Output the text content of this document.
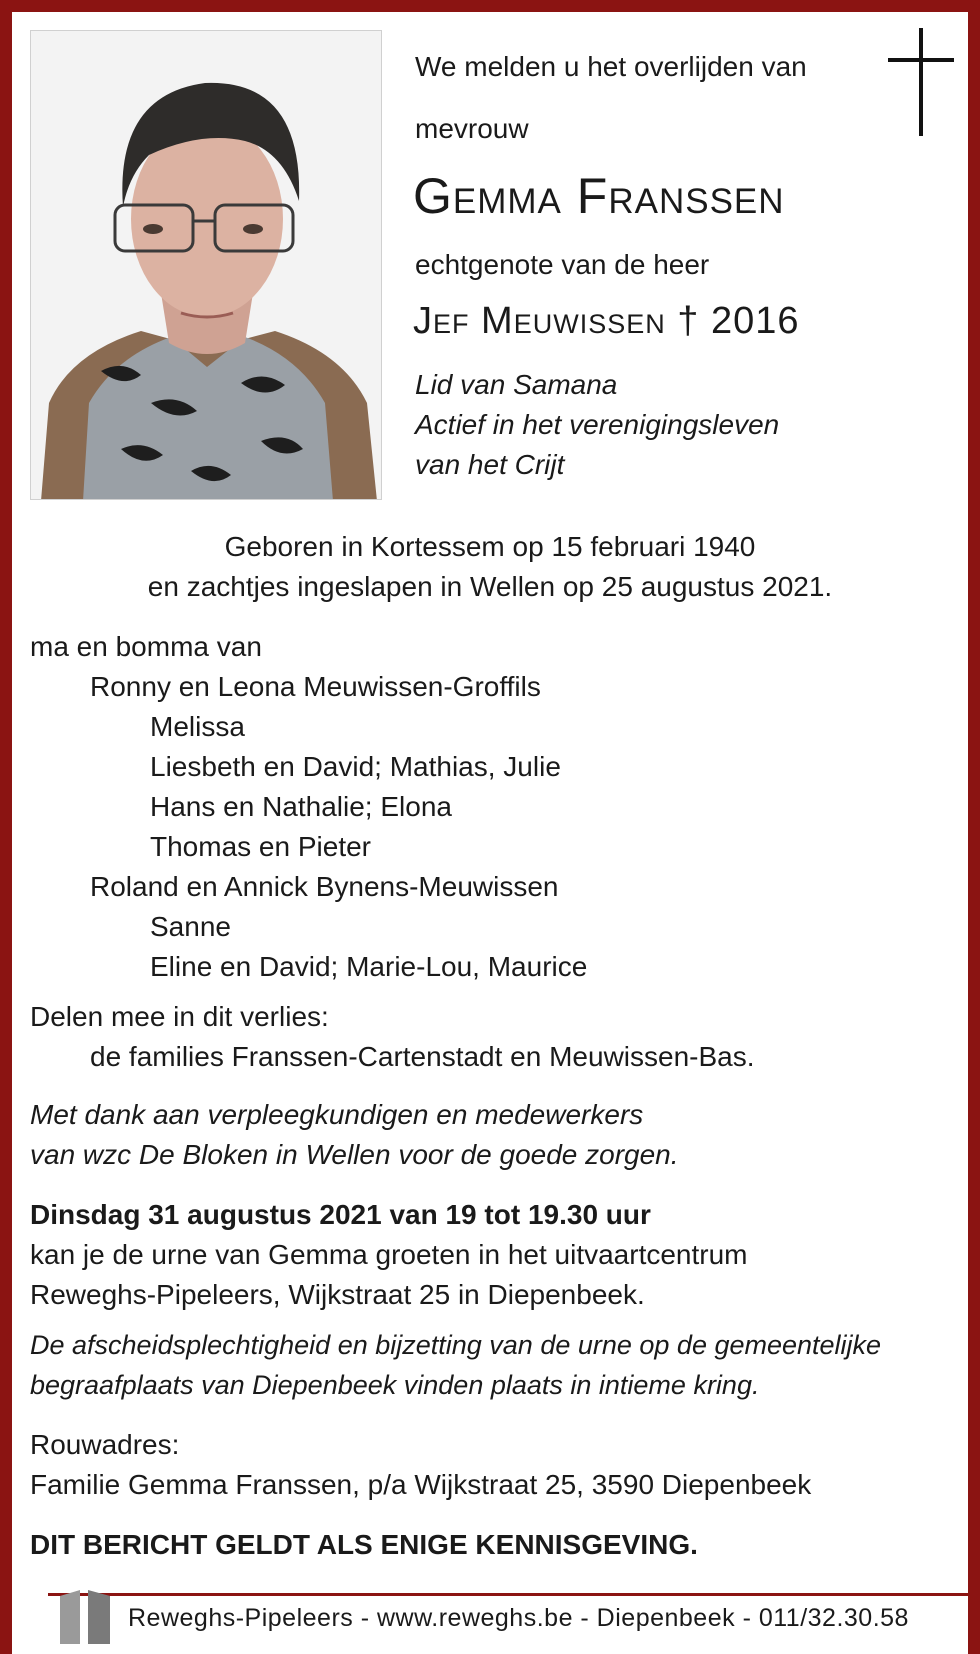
We melden u het overlijden van
mevrouw
Gemma Franssen
echtgenote van de heer
Jef Meuwissen † 2016
Lid van Samana
Actief in het verenigingsleven
van het Crijt
Geboren in Kortessem op 15 februari 1940
en zachtjes ingeslapen in Wellen op 25 augustus 2021.
ma en bomma van
Ronny en Leona Meuwissen-Groffils
Melissa
Liesbeth en David; Mathias, Julie
Hans en Nathalie; Elona
Thomas en Pieter
Roland en Annick Bynens-Meuwissen
Sanne
Eline en David; Marie-Lou, Maurice
Delen mee in dit verlies:
de families Franssen-Cartenstadt en Meuwissen-Bas.
Met dank aan verpleegkundigen en medewerkers
van wzc De Bloken in Wellen voor de goede zorgen.
Dinsdag 31 augustus 2021 van 19 tot 19.30 uur
kan je de urne van Gemma groeten in het uitvaartcentrum
Reweghs-Pipeleers, Wijkstraat 25 in Diepenbeek.
De afscheidsplechtigheid en bijzetting van de urne op de gemeentelijke
begraafplaats van Diepenbeek vinden plaats in intieme kring.
Rouwadres:
Familie Gemma Franssen, p/a Wijkstraat 25, 3590 Diepenbeek
DIT BERICHT GELDT ALS ENIGE KENNISGEVING.
Reweghs-Pipeleers - www.reweghs.be - Diepenbeek - 011/32.30.58
